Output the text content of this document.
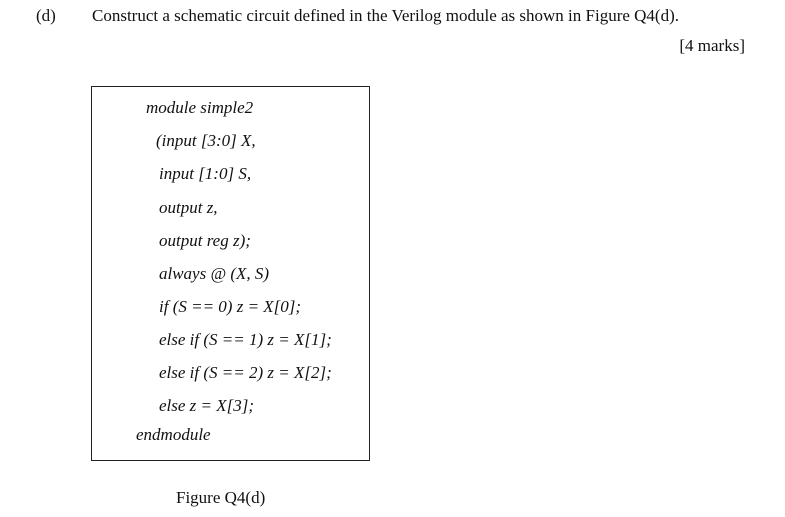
(d) Construct a schematic circuit defined in the Verilog module as shown in Figure Q4(d).
[4 marks]
module simple2
(input [3:0] X,
input [1:0] S,
output z,
output reg z);
always @ (X, S)
if (S == 0) z = X[0];
else if (S == 1) z = X[1];
else if (S == 2) z = X[2];
else z = X[3];
endmodule
Figure Q4(d)
